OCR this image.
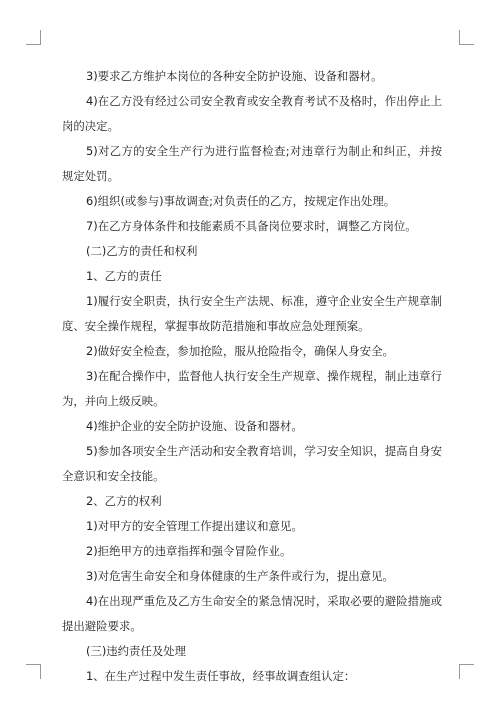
3)要求乙方维护本岗位的各种安全防护设施、设备和器材。

4)在乙方没有经过公司安全教育或安全教育考试不及格时，作出停止上岗的决定。

5)对乙方的安全生产行为进行监督检查;对违章行为制止和纠正，并按规定处罚。

6)组织(或参与)事故调查;对负责任的乙方，按规定作出处理。

7)在乙方身体条件和技能素质不具备岗位要求时，调整乙方岗位。

(二)乙方的责任和权利

1、乙方的责任

1)履行安全职责，执行安全生产法规、标准，遵守企业安全生产规章制度、安全操作规程，掌握事故防范措施和事故应急处理预案。

2)做好安全检查，参加抢险，服从抢险指令，确保人身安全。

3)在配合操作中，监督他人执行安全生产规章、操作规程，制止违章行为，并向上级反映。

4)维护企业的安全防护设施、设备和器材。

5)参加各项安全生产活动和安全教育培训，学习安全知识，提高自身安全意识和安全技能。

2、乙方的权利

1)对甲方的安全管理工作提出建议和意见。

2)拒绝甲方的违章指挥和强令冒险作业。

3)对危害生命安全和身体健康的生产条件或行为，提出意见。

4)在出现严重危及乙方生命安全的紧急情况时，采取必要的避险措施或提出避险要求。

(三)违约责任及处理

1、在生产过程中发生责任事故，经事故调查组认定：
